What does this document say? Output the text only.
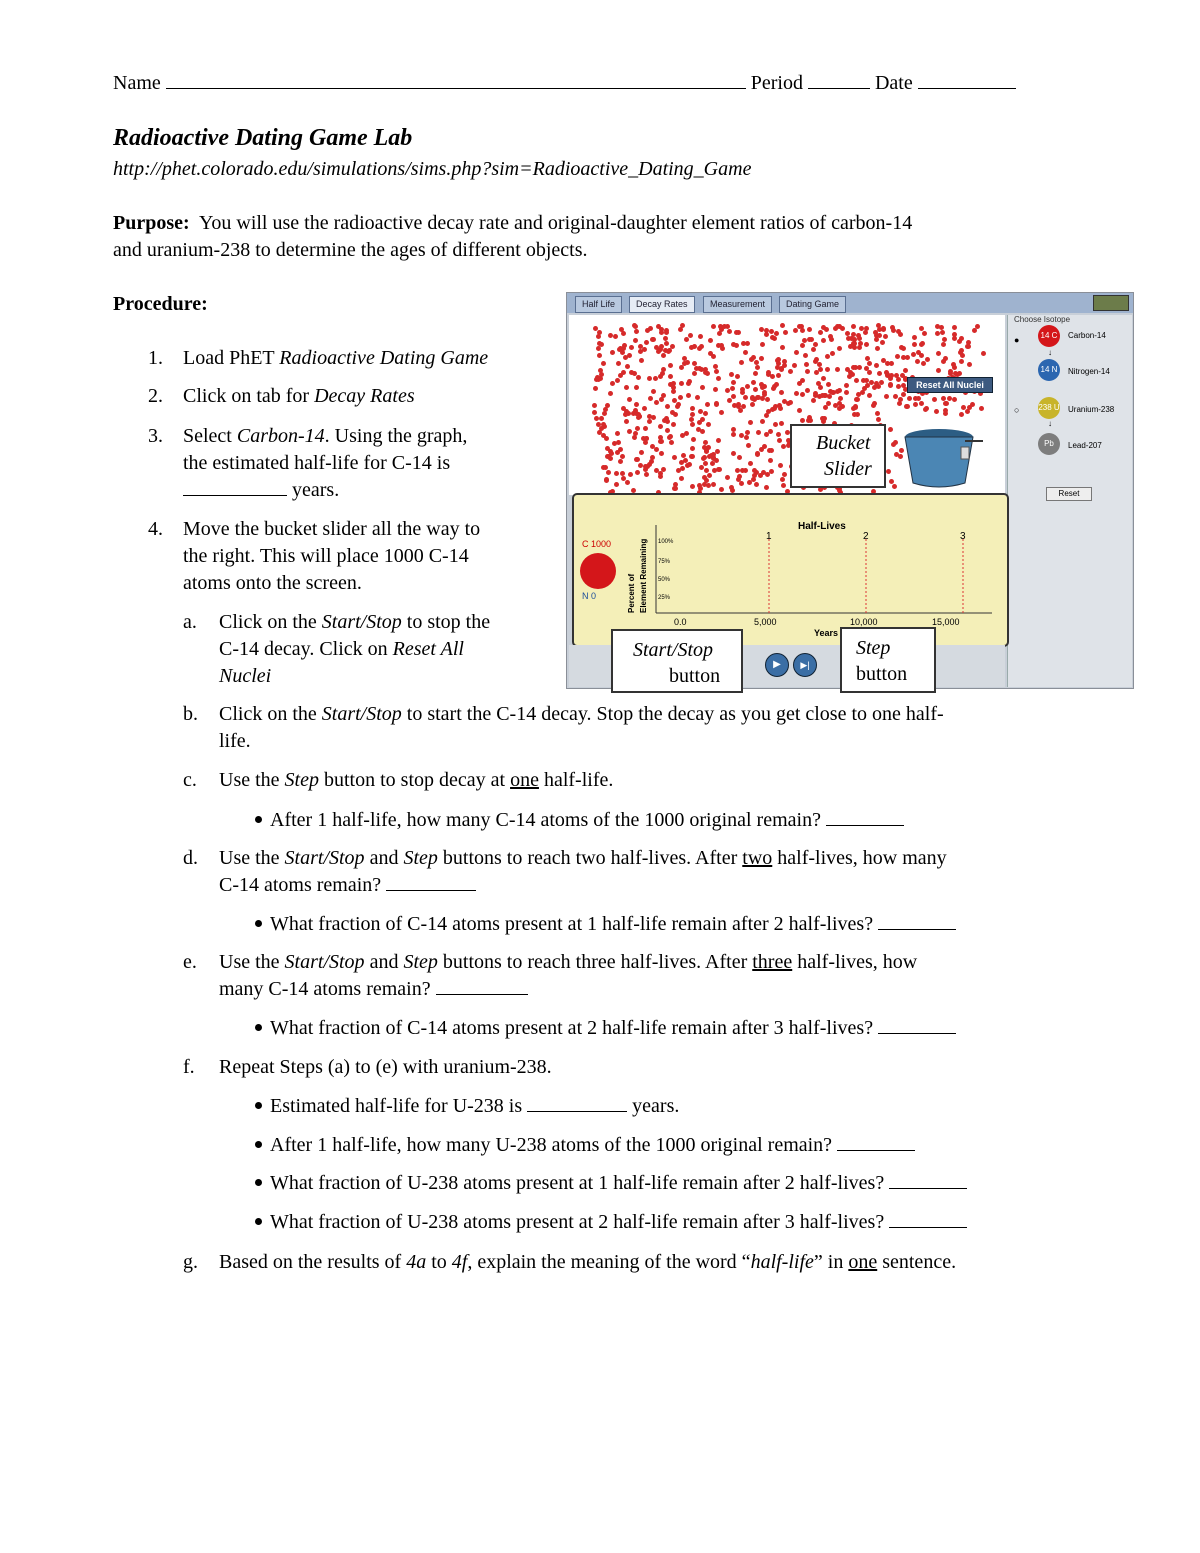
Name	Period	Date
Radioactive Dating Game Lab
http://phet.colorado.edu/simulations/sims.php?sim=Radioactive_Dating_Game
Purpose: You will use the radioactive decay rate and original-daughter element ratios of carbon-14
and uranium-238 to determine the ages of different objects.
Procedure:
1. Load PhET Radioactive Dating Game
2. Click on tab for Decay Rates
3. Select Carbon-14. Using the graph,
the estimated half-life for C-14 is
years.
4. Move the bucket slider all the way to
the right. This will place 1000 C-14
atoms onto the screen.
a. Click on the Start/Stop to stop the
C-14 decay. Click on Reset All
Nuclei
b. Click on the Start/Stop to start the C-14 decay. Stop the decay as you get close to one half-
life.
c. Use the Step button to stop decay at one half-life.
After 1 half-life, how many C-14 atoms of the 1000 original remain?
d. Use the Start/Stop and Step buttons to reach two half-lives. After two half-lives, how many
C-14 atoms remain?
What fraction of C-14 atoms present at 1 half-life remain after 2 half-lives?
e. Use the Start/Stop and Step buttons to reach three half-lives. After three half-lives, how
many C-14 atoms remain?
What fraction of C-14 atoms present at 2 half-life remain after 3 half-lives?
f. Repeat Steps (a) to (e) with uranium-238.
Estimated half-life for U-238 is	years.
After 1 half-life, how many U-238 atoms of the 1000 original remain?
What fraction of U-238 atoms present at 1 half-life remain after 2 half-lives?
What fraction of U-238 atoms present at 2 half-life remain after 3 half-lives?
g. Based on the results of 4a to 4f, explain the meaning of the word “half-life” in one sentence.
Half Life	Decay Rates	Measurement	Dating Game
Reset All Nuclei
Choose Isotope
●	14 C	Carbon-14
↓
14 N	Nitrogen-14
○ 238 U Uranium-238
↓
Pb	Lead-207
Reset
Half-Lives
1	2	3
0.0	5,000	10,000	15,000
Years
100%
75%
50%
25%
Percent of Element Remaining
C 1000
N 0
▶	▶|
Bucket
Slider
Start/Stop
button
Step
button
